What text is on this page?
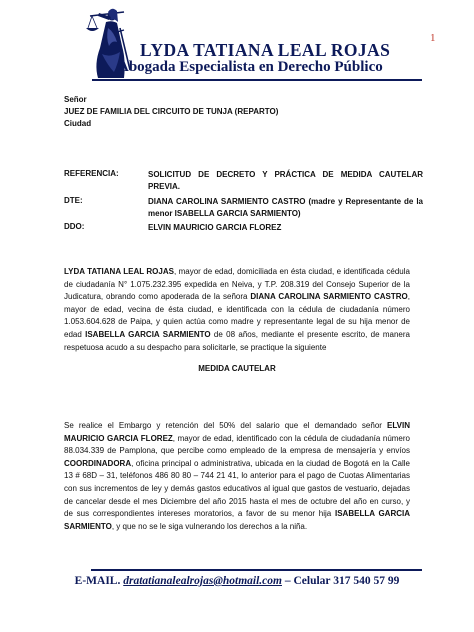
LYDA TATIANA LEAL ROJAS
Abogada Especialista en Derecho Público
1
Señor
JUEZ DE FAMILIA DEL CIRCUITO DE TUNJA (REPARTO)
Ciudad
REFERENCIA:	SOLICITUD DE DECRETO Y PRÁCTICA DE MEDIDA CAUTELAR PREVIA.
DTE:	DIANA CAROLINA SARMIENTO CASTRO (madre y Representante de la menor ISABELLA GARCIA SARMIENTO)
DDO:	ELVIN MAURICIO GARCIA FLOREZ
LYDA TATIANA LEAL ROJAS, mayor de edad, domiciliada en ésta ciudad, e identificada cédula de ciudadanía N° 1.075.232.395 expedida en Neiva, y T.P. 208.319 del Consejo Superior de la Judicatura, obrando como apoderada de la señora DIANA CAROLINA SARMIENTO CASTRO, mayor de edad, vecina de ésta ciudad, e identificada con la cédula de ciudadanía número 1.053.604.628 de Paipa, y quien actúa como madre y representante legal de su hija menor de edad ISABELLA GARCIA SARMIENTO de 08 años, mediante el presente escrito, de manera respetuosa acudo a su despacho para solicitarle, se practique la siguiente
MEDIDA CAUTELAR
Se realice el Embargo y retención del 50% del salario que el demandado señor ELVIN MAURICIO GARCIA FLOREZ, mayor de edad, identificado con la cédula de ciudadanía número 88.034.339 de Pamplona, que percibe como empleado de la empresa de mensajería y envíos COORDINADORA, oficina principal o administrativa, ubicada en la ciudad de Bogotá en la Calle 13 # 68D – 31, teléfonos 486 80 80 – 744 21 41, lo anterior para el pago de Cuotas Alimentarias con sus incrementos de ley y demás gastos educativos al igual que gastos de vestuario, dejadas de cancelar desde el mes Diciembre del año 2015 hasta el mes de octubre del año en curso, y de sus correspondientes intereses moratorios, a favor de su menor hija ISABELLA GARCIA SARMIENTO, y que no se le siga vulnerando los derechos a la niña.
E-MAIL. dratatianalealrojas@hotmail.com – Celular 317 540 57 99
